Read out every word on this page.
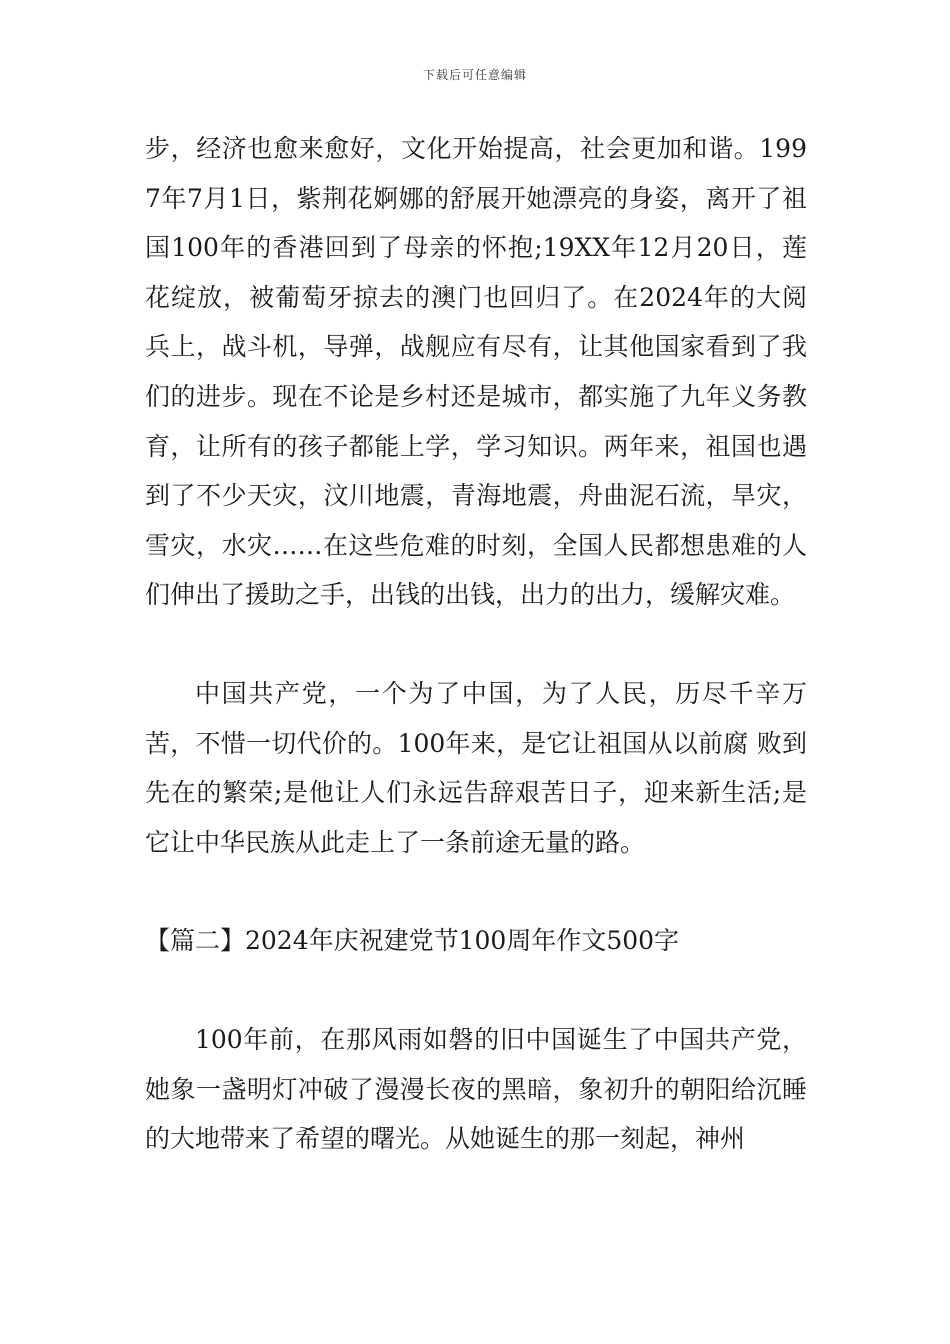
下载后可任意编辑

步，经济也愈来愈好，文化开始提高，社会更加和谐。1997年7月1日，紫荆花婀娜的舒展开她漂亮的身姿，离开了祖国100年的香港回到了母亲的怀抱;19XX年12月20日，莲花绽放，被葡萄牙掠去的澳门也回归了。在2024年的大阅兵上，战斗机，导弹，战舰应有尽有，让其他国家看到了我们的进步。现在不论是乡村还是城市，都实施了九年义务教育，让所有的孩子都能上学，学习知识。两年来，祖国也遇到了不少天灾，汶川地震，青海地震，舟曲泥石流，旱灾，雪灾，水灾……在这些危难的时刻，全国人民都想患难的人们伸出了援助之手，出钱的出钱，出力的出力，缓解灾难。

中国共产党，一个为了中国，为了人民，历尽千辛万苦，不惜一切代价的。100年来，是它让祖国从以前腐 败到先在的繁荣;是他让人们永远告辞艰苦日子，迎来新生活;是它让中华民族从此走上了一条前途无量的路。

【篇二】2024年庆祝建党节100周年作文500字

100年前，在那风雨如磐的旧中国诞生了中国共产党，她象一盏明灯冲破了漫漫长夜的黑暗，象初升的朝阳给沉睡的大地带来了希望的曙光。从她诞生的那一刻起，神州
